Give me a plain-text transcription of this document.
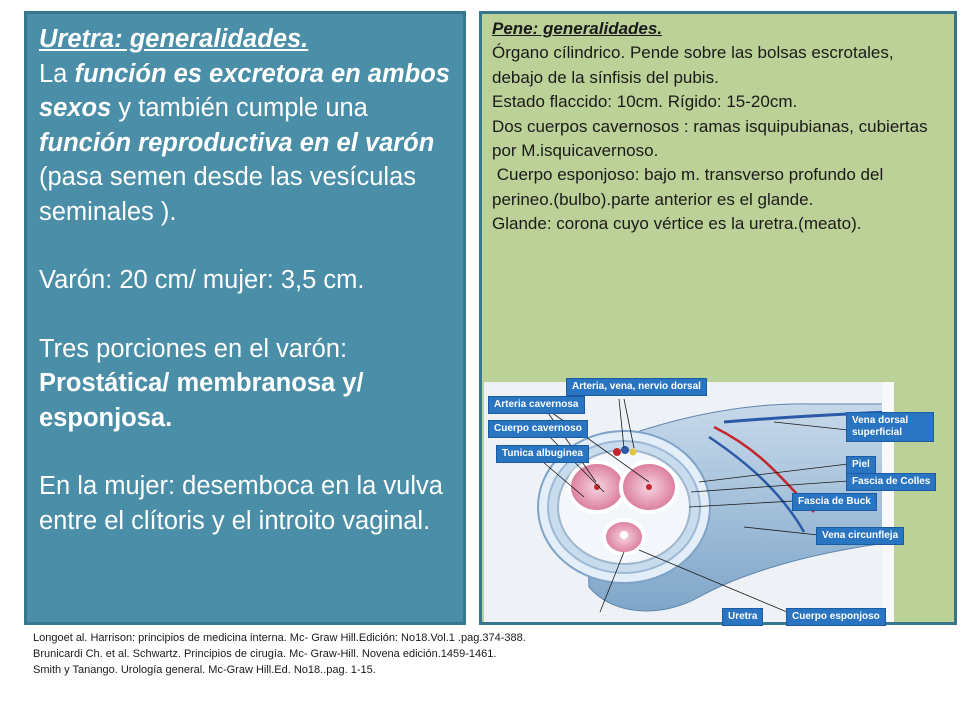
Uretra: generalidades.

La función es excretora en ambos sexos y también cumple una función reproductiva en el varón (pasa semen desde las vesículas seminales ).

Varón: 20 cm/ mujer: 3,5 cm.

Tres porciones en el varón:

Prostática/ membranosa y/ esponjosa.

En la mujer: desemboca en la vulva entre el clítoris y el introito vaginal.

Pene: generalidades.

Órgano cílindrico. Pende sobre las bolsas escrotales, debajo de la sínfisis del pubis.

Estado flaccido: 10cm. Rígido: 15-20cm.

Dos cuerpos cavernosos : ramas isquipubianas, cubiertas por M.isquicavernoso.

Cuerpo esponjoso: bajo m. transverso profundo del perineo.(bulbo).parte anterior es el glande.

Glande: corona cuyo vértice es la uretra.(meato).

Arteria, vena, nervio dorsal
Arteria cavernosa
Cuerpo cavernoso
Tunica albuginea
Vena dorsal superficial
Piel
Fascia de Colles
Fascia de Buck
Vena circunfleja
Uretra	Cuerpo esponjoso
Longoet al. Harrison: principios de medicina interna. Mc- Graw Hill.Edición: No18.Vol.1 .pag.374-388.
Brunicardi Ch. et al. Schwartz. Principios de cirugía. Mc- Graw-Hill. Novena edición.1459-1461.
Smith y Tanango. Urología general. Mc-Graw Hill.Ed. No18..pag. 1-15.
